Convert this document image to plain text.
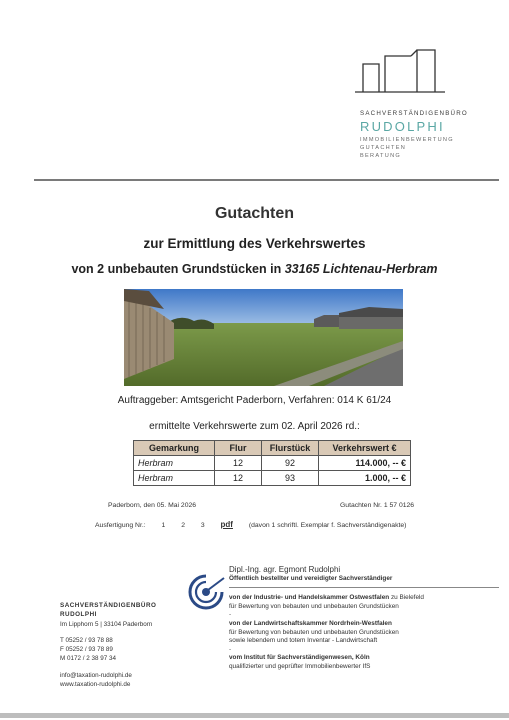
SACHVERSTÄNDIGENBÜRO
RUDOLPHI
IMMOBILIENBEWERTUNG
GUTACHTEN
BERATUNG
Gutachten
zur Ermittlung des Verkehrswertes
von 2 unbebauten Grundstücken in 33165 Lichtenau-Herbram
Auftraggeber: Amtsgericht Paderborn, Verfahren: 014 K 61/24
ermittelte Verkehrswerte zum 02. April 2026 rd.:
Gemarkung	Flur	Flurstück	Verkehrswert €
Herbram	12	92	114.000, -- €
Herbram	12	93	1.000, -- €
Paderborn, den 05. Mai 2026	Gutachten Nr. 1 57 0126
Ausfertigung Nr.: 1 2 3 pdf (davon 1 schriftl. Exemplar f. Sachverständigenakte)
SACHVERSTÄNDIGENBÜRO
RUDOLPHI
Im Lipphorn 5 | 33104 Paderborn
T 05252 / 93 78 88
F 05252 / 93 78 89
M 0172 / 2 38 97 34
info@taxation-rudolphi.de
www.taxation-rudolphi.de
Dipl.-Ing. agr. Egmont Rudolphi
Öffentlich bestellter und vereidigter Sachverständiger
von der Industrie- und Handelskammer Ostwestfalen zu Bielefeld
für Bewertung von bebauten und unbebauten Grundstücken
-
von der Landwirtschaftskammer Nordrhein-Westfalen
für Bewertung von bebauten und unbebauten Grundstücken
sowie lebendem und totem Inventar - Landwirtschaft
-
vom Institut für Sachverständigenwesen, Köln
qualifizierter und geprüfter Immobilienbewerter IfS
